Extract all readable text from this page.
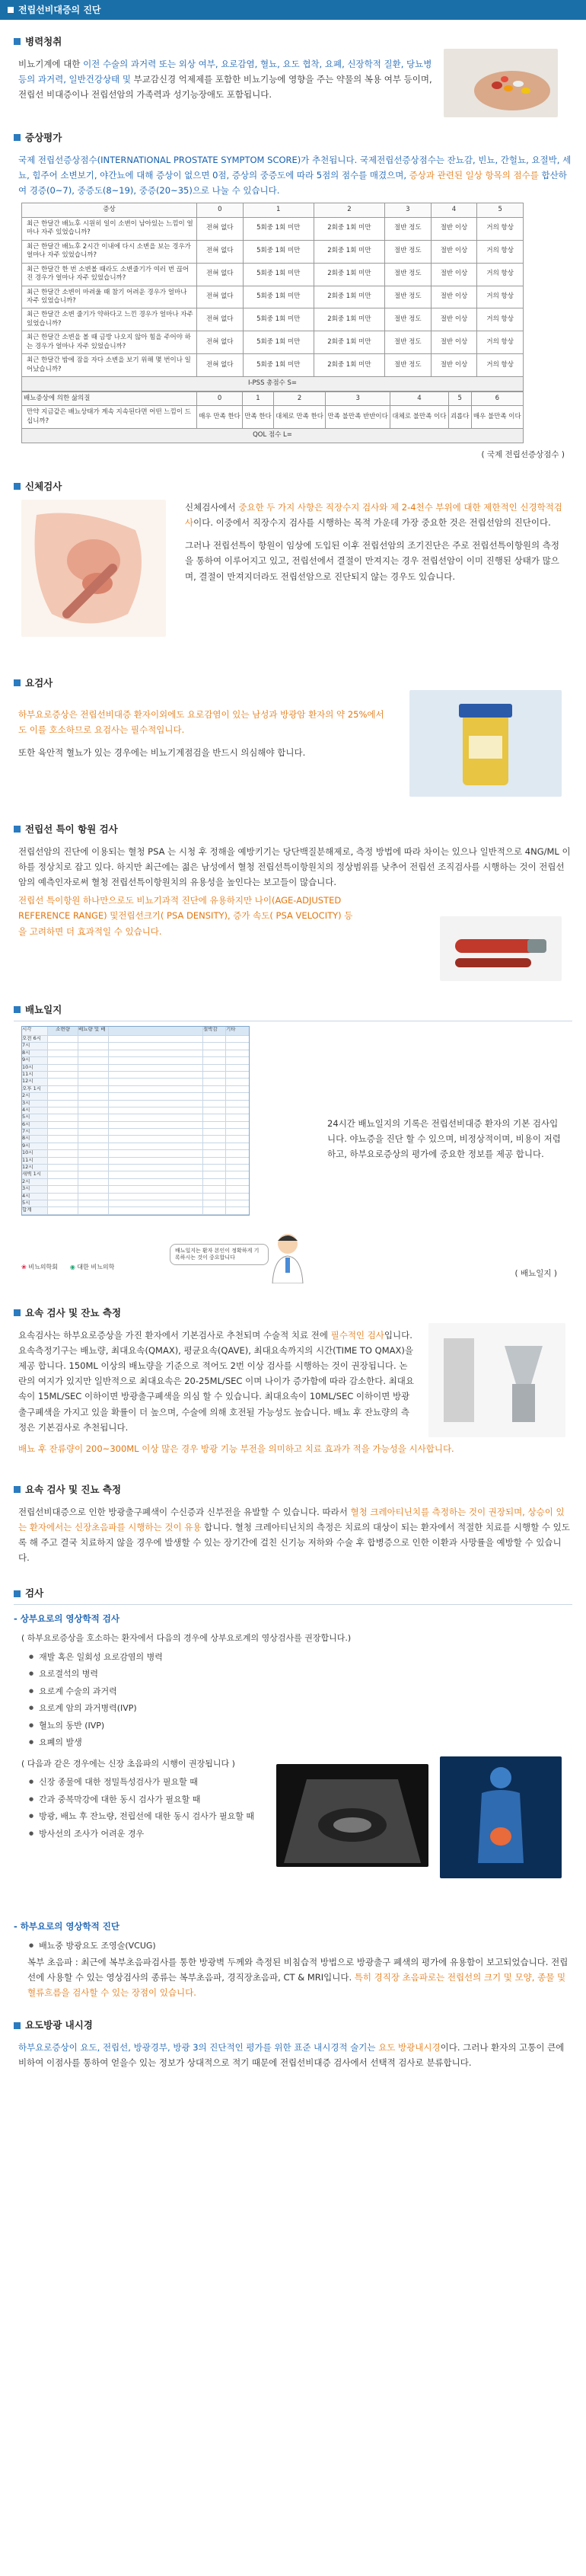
전립선비대증의 진단
병력청취

비뇨기계에 대한 이전 수술의 과거력 또는 외상 여부, 요로감염, 혈뇨, 요도 협착, 요폐, 신장학적 질환, 당뇨병 등의 과거력, 일반건강상태 및 부교감신경 억제제를 포함한 비뇨기능에 영향을 주는 약물의 복용 여부 등이며, 전립선 비대증이나 전립선암의 가족력과 성기능장애도 포함됩니다.

증상평가

국제 전립선증상점수(INTERNATIONAL PROSTATE SYMPTOM SCORE)가 추천됩니다. 국제전립선증상점수는 잔뇨감, 빈뇨, 간헐뇨, 요절박, 세뇨, 힘주어 소변보기, 야간뇨에 대해 증상이 없으면 0점, 증상의 중증도에 따라 5점의 점수를 매겼으며, 증상과 관련된 일상 항목의 점수를 합산하여 경증(0~7), 중증도(8~19), 중증(20~35)으로 나눌 수 있습니다.

증상	0	1	2	3	4	5
최근 한달간 배뇨후 시원히 일이 소변이 남아있는 느낌이 얼마나 자주 있었습니까?	전혀 없다	5회중 1회 미만	2회중 1회 미만	절반 정도	절반 이상	거의 항상
최근 한달간 배뇨후 2시간 이내에 다시 소변을 보는 경우가 얼마나 자주 있었습니까?	전혀 없다	5회중 1회 미만	2회중 1회 미만	절반 정도	절반 이상	거의 항상
최근 한달간 한 번 소변볼 때라도 소변줄기가 여러 번 끊어진 경우가 얼마나 자주 있었습니까?	전혀 없다	5회중 1회 미만	2회중 1회 미만	절반 정도	절반 이상	거의 항상
최근 한달간 소변이 마려울 때 참기 어려운 경우가 얼마나 자주 있었습니까?	전혀 없다	5회중 1회 미만	2회중 1회 미만	절반 정도	절반 이상	거의 항상
최근 한달간 소변 줄기가 약하다고 느낀 경우가 얼마나 자주 있었습니까?	전혀 없다	5회중 1회 미만	2회중 1회 미만	절반 정도	절반 이상	거의 항상
최근 한달간 소변을 볼 때 금방 나오지 않아 힘을 주어야 하는 경우가 얼마나 자주 있었습니까?	전혀 없다	5회중 1회 미만	2회중 1회 미만	절반 정도	절반 이상	거의 항상
최근 한달간 밤에 잠을 자다 소변을 보기 위해 몇 번이나 일어났습니까?	전혀 없다	5회중 1회 미만	2회중 1회 미만	절반 정도	절반 이상	거의 항상
I-PSS 총점수 S=						
배뇨증상에 의한 삶의질	0	1	2	3	4	5	6
만약 지금같은 배뇨상태가 계속 지속된다면 어떤 느낌이 드십니까?	매우 만족 한다	만족 한다	대체로 만족 한다	만족 불만족 반반이다	대체로 불만족 이다	괴롭다	매우 불만족 이다
QOL 점수 L=							
( 국제 전립선증상점수 )
신체검사

신체검사에서 중요한 두 가지 사항은 직장수지 검사와 제 2-4천수 부위에 대한 제한적인 신경학적검사이다. 이중에서 직장수지 검사를 시행하는 목적 가운데 가장 중요한 것은 전립선암의 진단이다.

그러나 전립선특이 항원이 임상에 도입된 이후 전립선암의 조기진단은 주로 전립선특이항원의 측정을 통하여 이루어지고 있고, 전립선에서 결절이 만져지는 경우 전립선암이 이미 진행된 상태가 많으며, 결절이 만져지더라도 전립선암으로 진단되지 않는 경우도 있습니다.

요검사

하부요로증상은 전립선비대증 환자이외에도 요로감염이 있는 남성과 방광암 환자의 약 25%에서도 이를 호소하므로 요검사는 필수적입니다.

또한 육안적 혈뇨가 있는 경우에는 비뇨기계점검을 반드시 의심해야 합니다.

전립선 특이 항원 검사

전립선암의 진단에 이용되는 혈청 PSA 는 시청 후 정해을 예방키기는 당단백질분해제로, 측정 방법에 따라 차이는 있으나 일반적으로 4NG/ML 이하를 정상치로 잡고 있다. 하지만 최근에는 젊은 남성에서 혈청 전립선특이항원치의 정상범위를 낮추어 전립선 조직검사를 시행하는 것이 전립선암의 예측인자로써 혈청 전립선특이항원치의 유용성을 높인다는 보고들이 많습니다.

전립선 특이항원 하나만으로도 비뇨기과적 진단에 유용하지만 나이(AGE-ADJUSTED REFERENCE RANGE) 및전립선크기( PSA DENSITY), 증가 속도( PSA VELOCITY) 등을 고려하면 더 효과적일 수 있습니다.

배뇨일지
시각	소변량	배뇨량 및 배	절박감	기타
오전 6시
7시
8시
9시
10시
11시
12시
오후 1시
2시
3시
4시
5시
6시
7시
8시
9시
10시
11시
12시
새벽 1시
2시
3시
4시
5시
합계

24시간 배뇨일지의 기록은 전립선비대증 환자의 기본 검사입니다. 야뇨증을 진단 할 수 있으며, 비정상적이며, 비용이 저렴하고, 하부요로증상의 평가에 중요한 정보를 제공 합니다.

배뇨일지는 환자 본인이 정확하게 기록하시는 것이 중요합니다
❀ 비뇨의학회 ◉ 대한 비뇨의학
( 배뇨일지 )
요속 검사 및 잔뇨 측정

요속검사는 하부요로증상을 가진 환자에서 기본검사로 추천되며 수술적 치료 전에 필수적인 검사입니다. 요속측정기구는 배뇨량, 최대요속(QMAX), 평균요속(QAVE), 최대요속까지의 시간(TIME TO QMAX)을 제공 합니다. 150ML 이상의 배뇨량을 기준으로 적어도 2번 이상 검사를 시행하는 것이 권장됩니다. 논란의 여지가 있지만 일반적으로 최대요속은 20-25ML/SEC 이며 나이가 증가함에 따라 감소한다. 최대요속이 15ML/SEC 이하이면 방광출구폐색을 의심 할 수 있습니다. 최대요속이 10ML/SEC 이하이면 방광출구폐색을 가지고 있을 확률이 더 높으며, 수술에 의해 호전될 가능성도 높습니다. 배뇨 후 잔뇨량의 측정은 기본검사로 추천됩니다.

배뇨 후 잔류량이 200~300ML 이상 많은 경우 방광 기능 부전을 의미하고 치료 효과가 적을 가능성을 시사합니다.

요속 검사 및 진뇨 측정

전립선비대증으로 인한 방광출구폐색이 수신증과 신부전을 유발할 수 있습니다. 따라서 혈청 크레아티닌치를 측정하는 것이 권장되며, 상승이 있는 환자에서는 신장초음파를 시행하는 것이 유용 합니다. 혈청 크레아티닌치의 측정은 치료의 대상이 되는 환자에서 적절한 치료를 시행할 수 있도록 해 주고 결국 치료하지 않을 경우에 발생할 수 있는 장기간에 걸친 신기능 저하와 수술 후 합병증으로 인한 이환과 사망률을 예방할 수 있습니다.

검사
- 상부요로의 영상학적 검사
( 하부요로증상을 호소하는 환자에서 다음의 경우에 상부요로계의 영상검사를 권장합니다.)
● 재발 혹은 일회성 요로감염의 병력
● 요로결석의 병력
● 요로계 수술의 과거력
● 요로계 암의 과거병력(IVP)
● 혈뇨의 동반 (IVP)
● 요폐의 발생
( 다음과 같은 경우에는 신장 초음파의 시행이 권장됩니다 )
● 신장 종물에 대한 정밀특성검사가 필요할 때
● 간과 중복막강에 대한 동시 검사가 필요할 때
● 방광, 배뇨 후 잔뇨량, 전립선에 대한 동시 검사가 필요할 때
● 방사선의 조사가 어려운 경우
- 하부요로의 영상학적 진단
● 배뇨중 방광요도 조영술(VCUG)

복부 초음파 : 최근에 복부초음파검사를 통한 방광벽 두께와 측정된 비침습적 방법으로 방광출구 폐색의 평가에 유용함이 보고되었습니다. 전립선에 사용할 수 있는 영상검사의 종류는 복부초음파, 경직장초음파, CT & MRI입니다. 특히 경직장 초음파로는 전립선의 크기 및 모양, 종물 및 혈류흐름을 검사할 수 있는 장점이 있습니다.

요도방광 내시경

하부요로증상이 요도, 전립선, 방광경부, 방광 3의 진단적인 평가를 위한 표준 내시경적 술기는 요도 방광내시경이다. 그러나 환자의 고통이 큰에 비하여 이점사를 통하여 얻을수 있는 정보가 상대적으로 적기 때문에 전립선비대증 검사에서 선택적 검사로 분류합니다.
